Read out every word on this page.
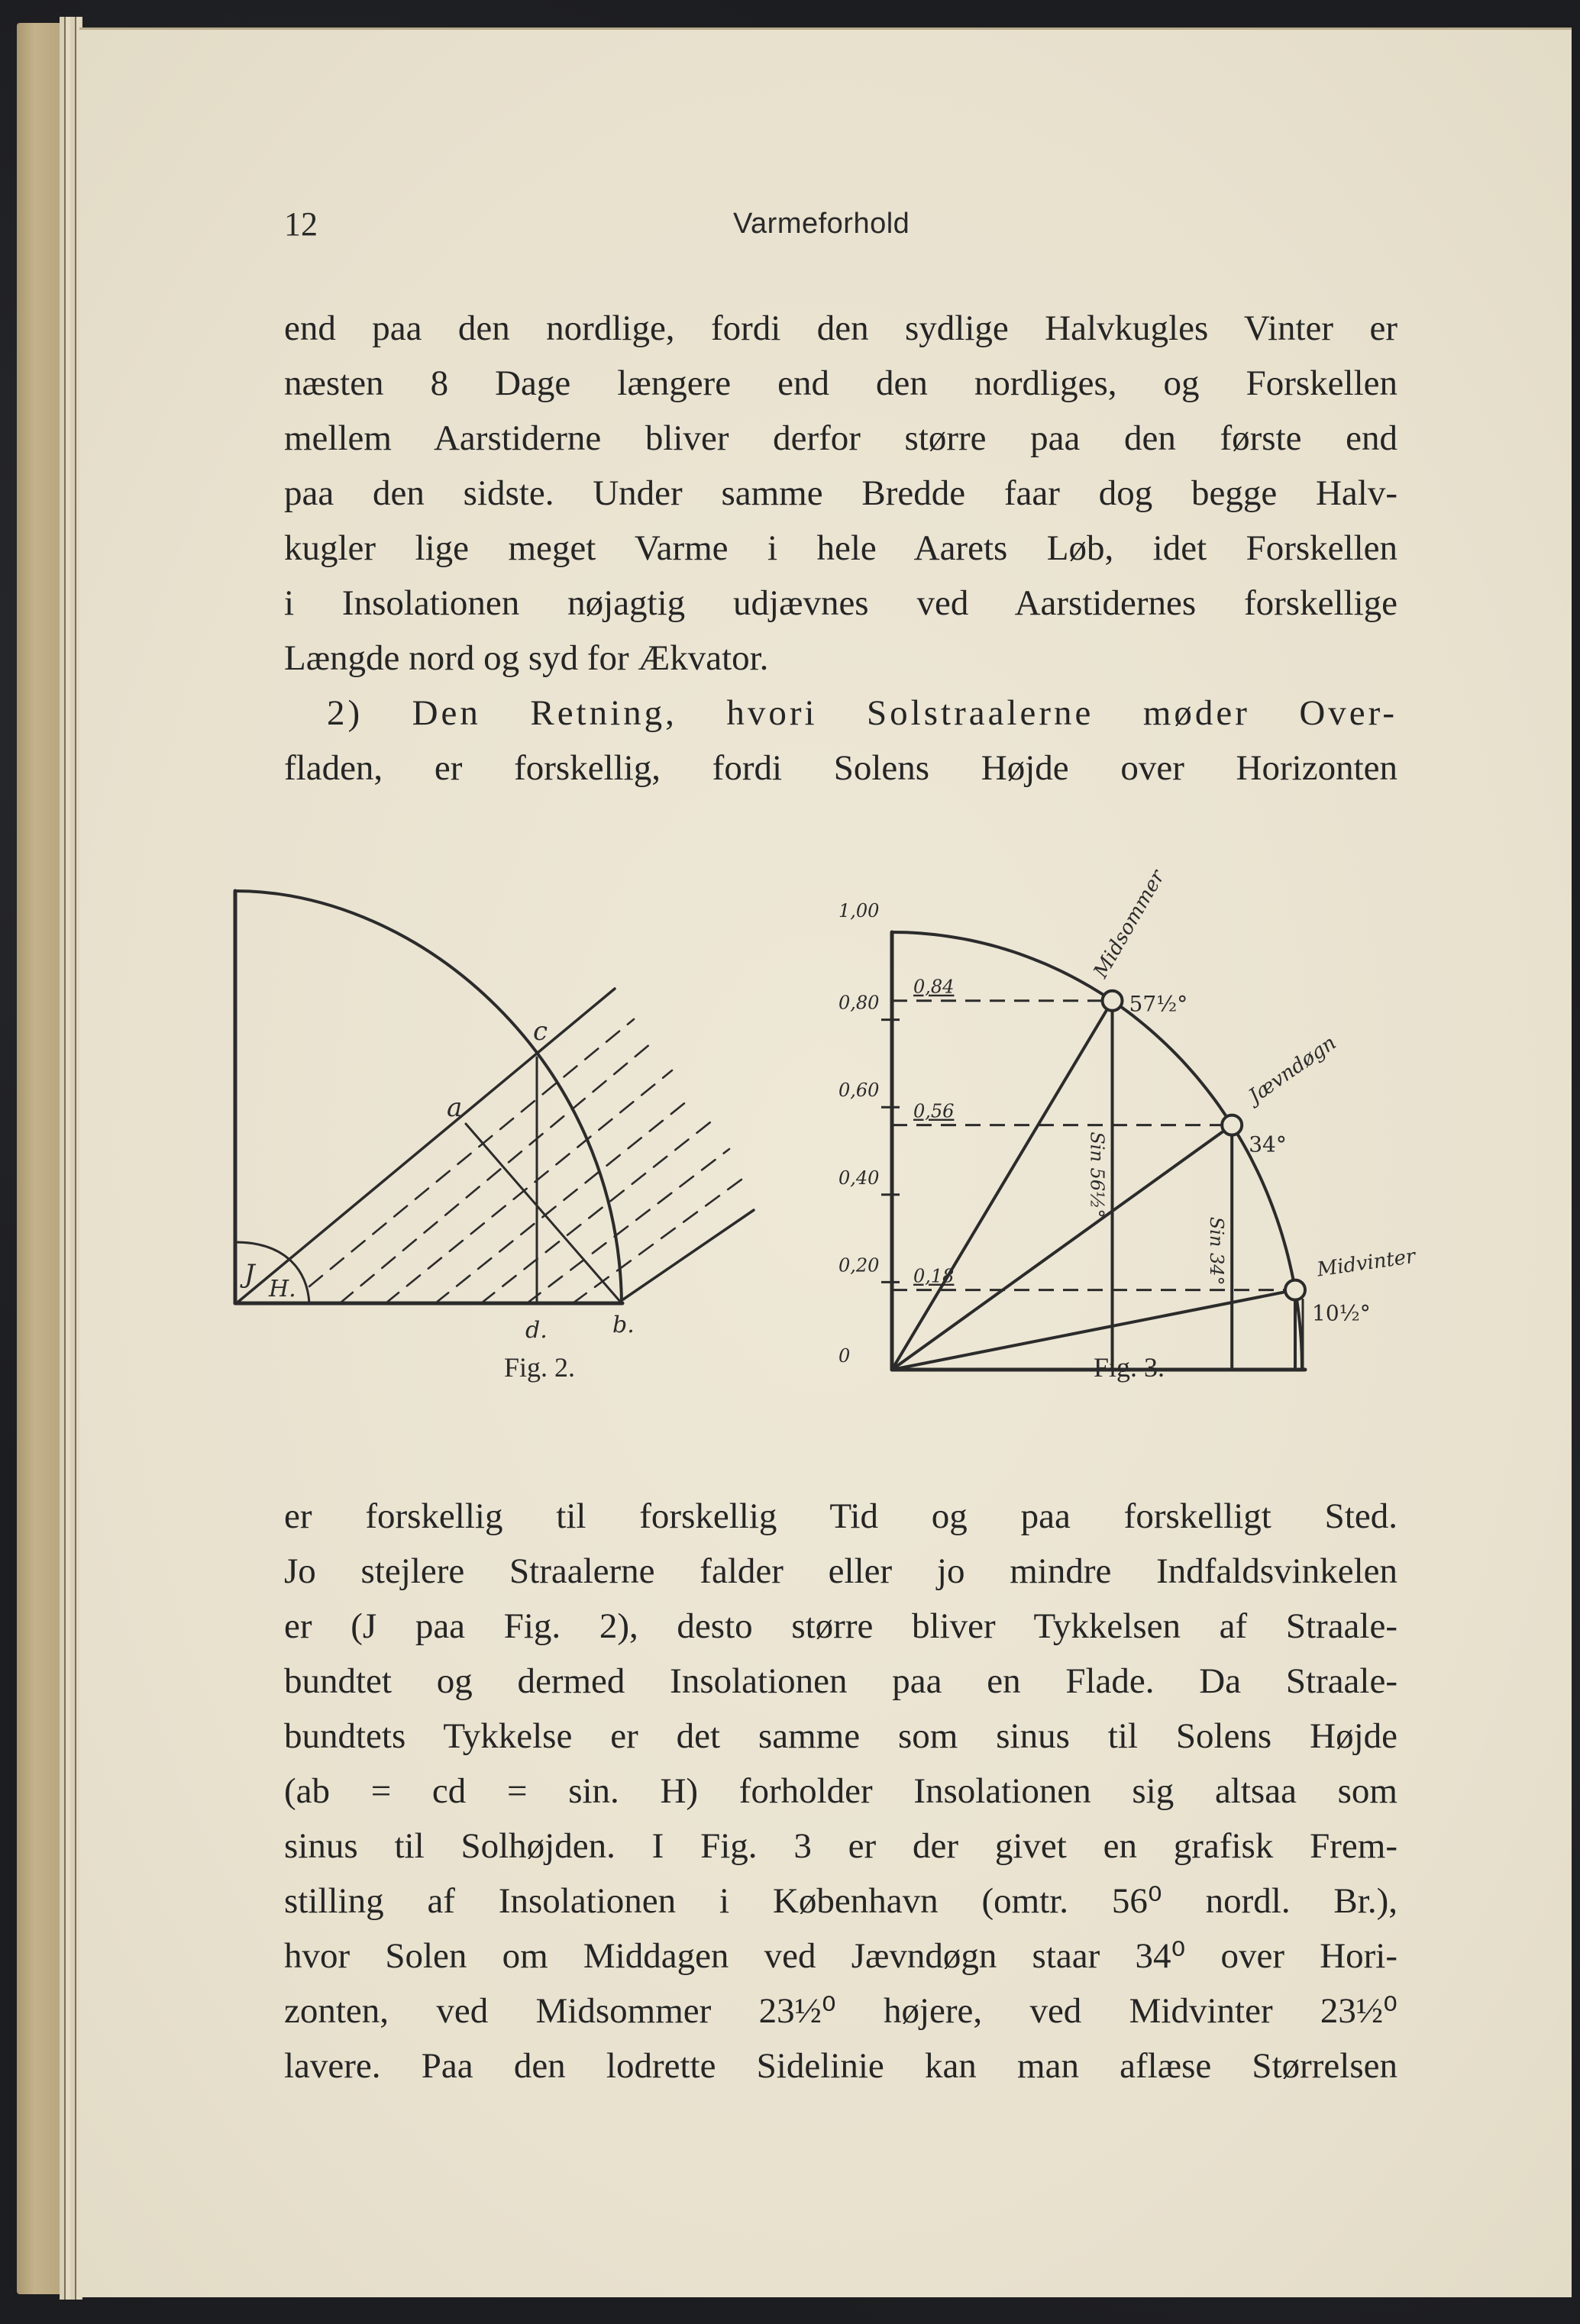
12	Varmeforhold
end paa den nordlige, fordi den sydlige Halvkugles Vinter er
næsten 8 Dage længere end den nordliges, og Forskellen
mellem Aarstiderne bliver derfor større paa den første end
paa den sidste. Under samme Bredde faar dog begge Halv-
kugler lige meget Varme i hele Aarets Løb, idet Forskellen
i Insolationen nøjagtig udjævnes ved Aarstidernes forskellige
Længde nord og syd for Ækvator.
2) Den Retning, hvori Solstraalerne møder Over-
fladen, er forskellig, fordi Solens Højde over Horizonten
c
a
J H.
d.	b.
Fig. 2.
1,00
0,80
0,60
0,40
0,20
0
0,84
57½°
Midsommer
Sin 56½°
0,56
34°
Jævndøgn
Sin 34°
0,18
10½°
Midvinter
Fig. 3.
er forskellig til forskellig Tid og paa forskelligt Sted.
Jo stejlere Straalerne falder eller jo mindre Indfaldsvinkelen
er (J paa Fig. 2), desto større bliver Tykkelsen af Straale-
bundtet og dermed Insolationen paa en Flade. Da Straale-
bundtets Tykkelse er det samme som sinus til Solens Højde
(ab = cd = sin. H) forholder Insolationen sig altsaa som
sinus til Solhøjden. I Fig. 3 er der givet en grafisk Frem-
stilling af Insolationen i København (omtr. 56⁰ nordl. Br.),
hvor Solen om Middagen ved Jævndøgn staar 34⁰ over Hori-
zonten, ved Midsommer 23½⁰ højere, ved Midvinter 23½⁰
lavere. Paa den lodrette Sidelinie kan man aflæse Størrelsen
